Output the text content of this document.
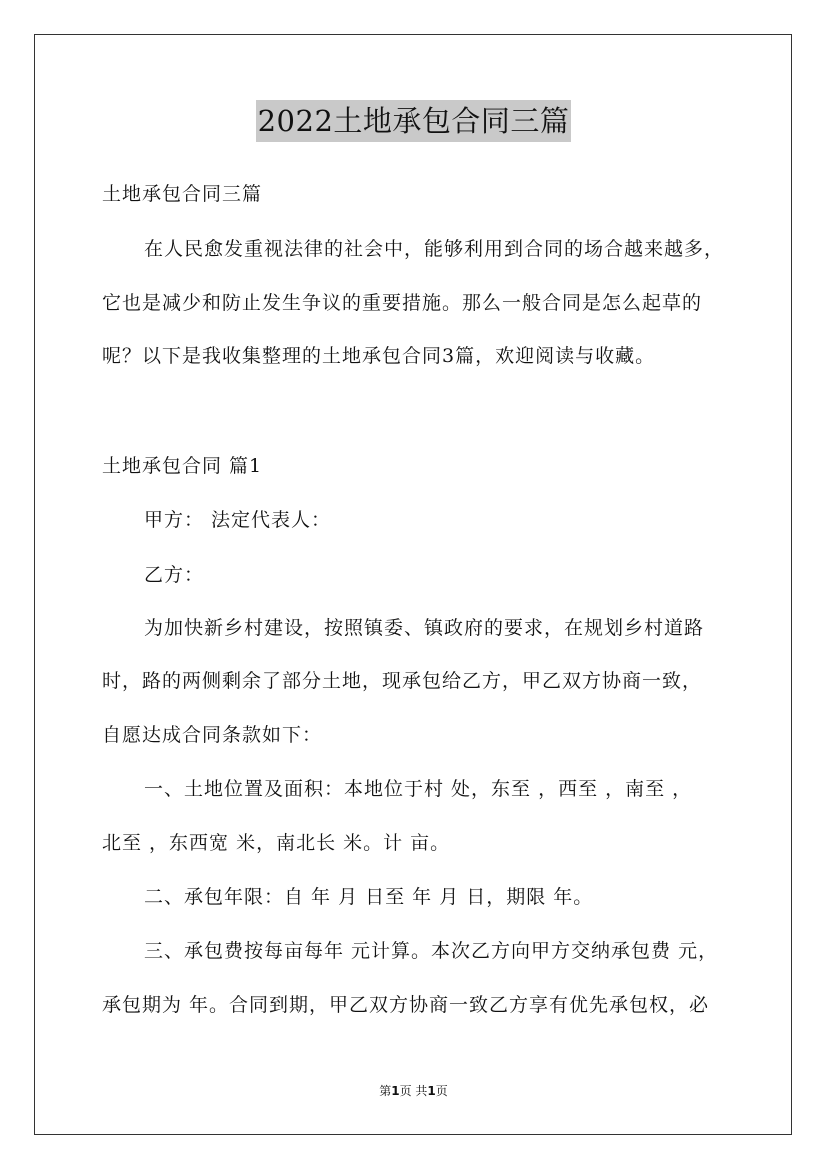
2022土地承包合同三篇
土地承包合同三篇
在人民愈发重视法律的社会中，能够利用到合同的场合越来越多，
它也是减少和防止发生争议的重要措施。那么一般合同是怎么起草的
呢？以下是我收集整理的土地承包合同3篇，欢迎阅读与收藏。
土地承包合同 篇1
甲方： 法定代表人：
乙方：
为加快新乡村建设，按照镇委、镇政府的要求，在规划乡村道路
时，路的两侧剩余了部分土地，现承包给乙方，甲乙双方协商一致，
自愿达成合同条款如下：
一、土地位置及面积：本地位于村 处，东至 ，西至 ，南至 ，
北至 ，东西宽 米，南北长 米。计 亩。
二、承包年限：自 年 月 日至 年 月 日，期限 年。
三、承包费按每亩每年 元计算。本次乙方向甲方交纳承包费 元，
承包期为 年。合同到期，甲乙双方协商一致乙方享有优先承包权，必
第1页 共1页
